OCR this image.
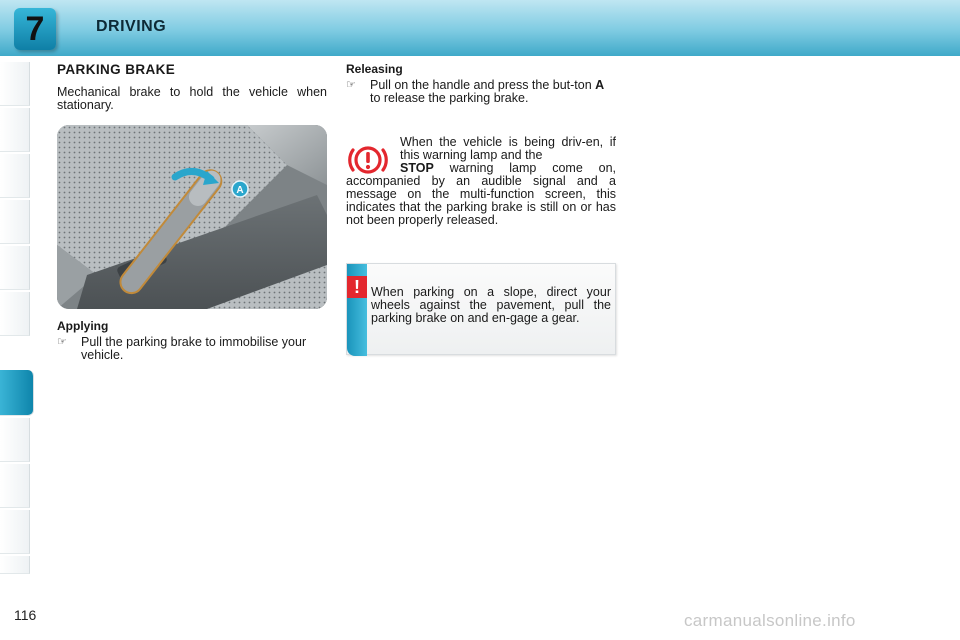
7	DRIVING
PARKING BRAKE
Mechanical brake to hold the vehicle when stationary.
A
Applying
☞	Pull the parking brake to immobilise your vehicle.
Releasing
☞	Pull on the handle and press the but-ton A to release the parking brake.
When the vehicle is being driv-en, if this warning lamp and the
STOP warning lamp come on, accompanied by an audible signal and a message on the multi-function screen, this indicates that the parking brake is still on or has not been properly released.
! When parking on a slope, direct your wheels against the pavement, pull the parking brake on and en-gage a gear.
116	carmanualsonline.info
